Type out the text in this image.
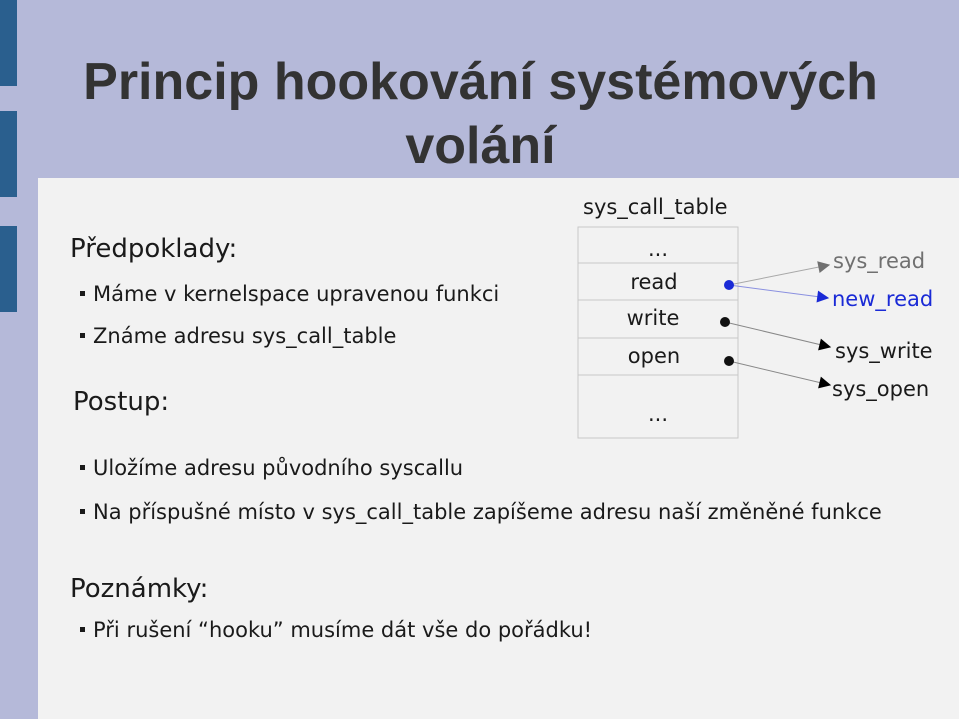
Princip hookování systémových volání
Předpoklady:
Máme v kernelspace upravenou funkci
Známe adresu sys_call_table
Postup:
Uložíme adresu původního syscallu
Na příspušné místo v sys_call_table zapíšeme adresu naší změněné funkce
Poznámky:
Při rušení “hooku” musíme dát vše do pořádku!
sys_call_table
...
read
write
open
...
sys_read
new_read
sys_write
sys_open
